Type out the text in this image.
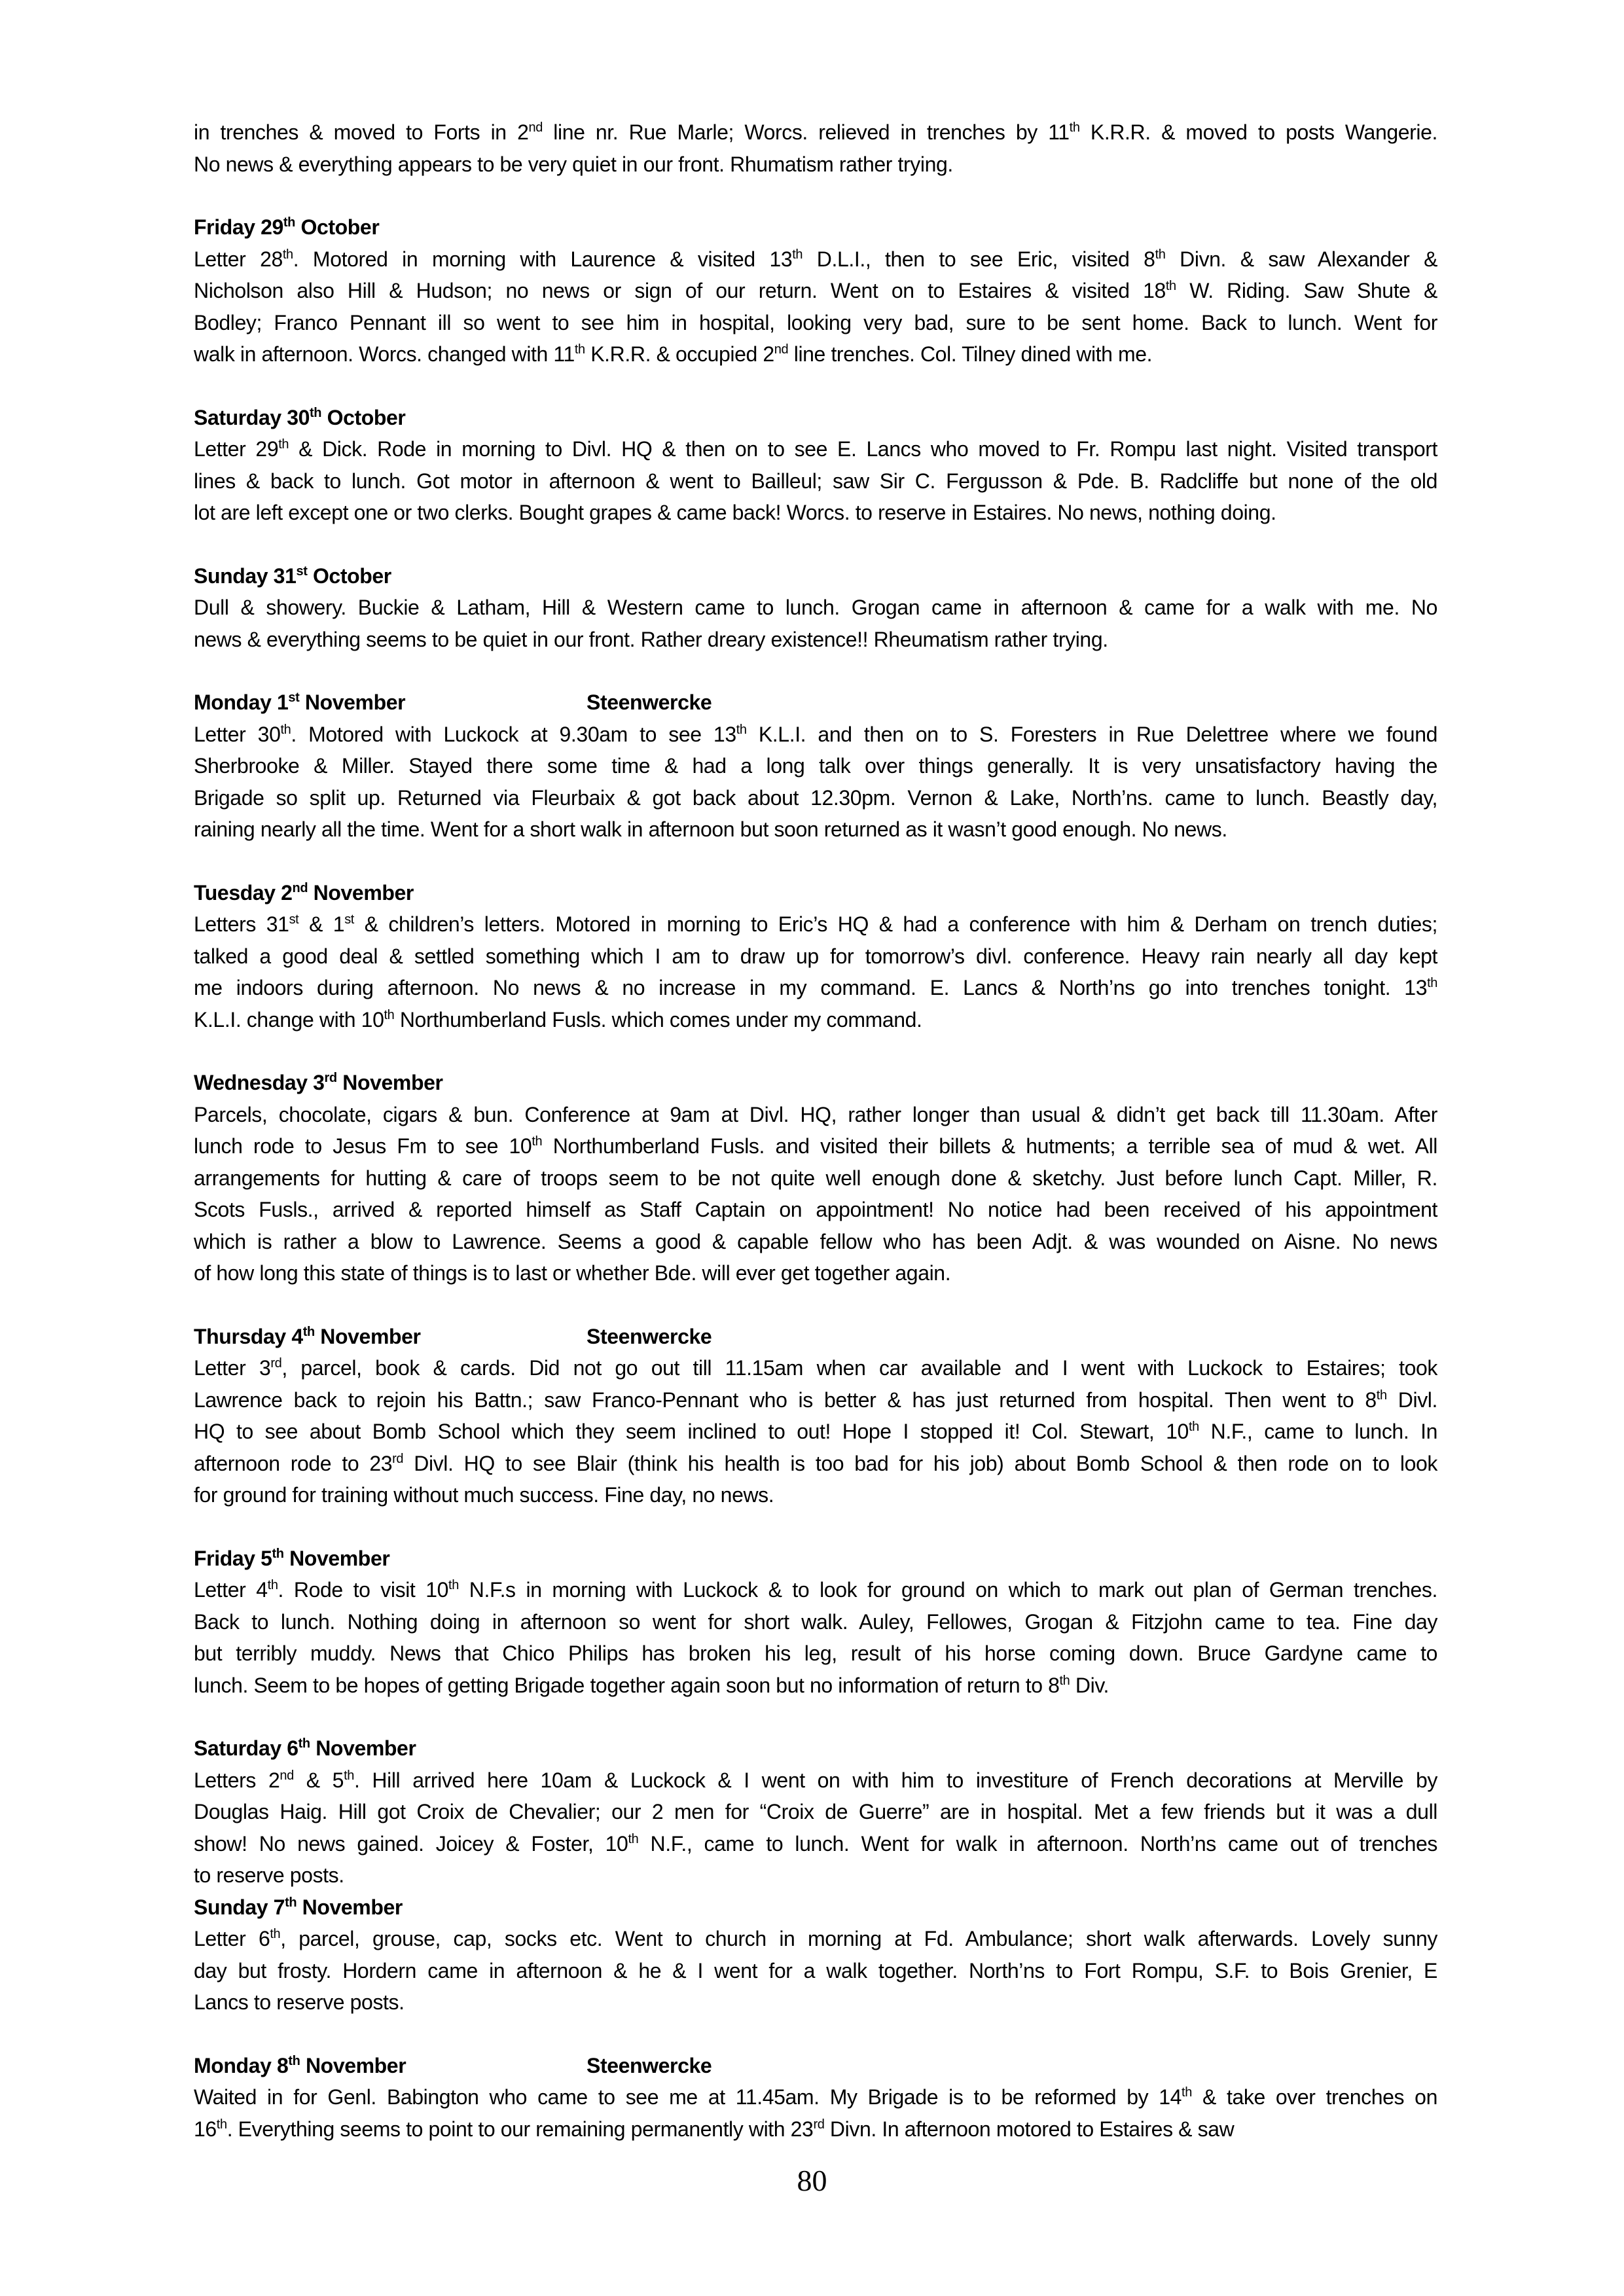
in trenches & moved to Forts in 2nd line nr. Rue Marle; Worcs. relieved in trenches by 11th K.R.R. & moved to posts Wangerie.

No news & everything appears to be very quiet in our front. Rhumatism rather trying.

Friday 29th October

Letter 28th. Motored in morning with Laurence & visited 13th D.L.I., then to see Eric, visited 8th Divn. & saw Alexander &

Nicholson also Hill & Hudson; no news or sign of our return. Went on to Estaires & visited 18th W. Riding. Saw Shute &

Bodley; Franco Pennant ill so went to see him in hospital, looking very bad, sure to be sent home. Back to lunch. Went for

walk in afternoon. Worcs. changed with 11th K.R.R. & occupied 2nd line trenches. Col. Tilney dined with me.

Saturday 30th October

Letter 29th & Dick. Rode in morning to Divl. HQ & then on to see E. Lancs who moved to Fr. Rompu last night. Visited transport

lines & back to lunch. Got motor in afternoon & went to Bailleul; saw Sir C. Fergusson & Pde. B. Radcliffe but none of the old

lot are left except one or two clerks. Bought grapes & came back! Worcs. to reserve in Estaires. No news, nothing doing.

Sunday 31st October

Dull & showery. Buckie & Latham, Hill & Western came to lunch. Grogan came in afternoon & came for a walk with me. No

news & everything seems to be quiet in our front. Rather dreary existence!! Rheumatism rather trying.

Monday 1st November	Steenwercke

Letter 30th. Motored with Luckock at 9.30am to see 13th K.L.I. and then on to S. Foresters in Rue Delettree where we found

Sherbrooke & Miller. Stayed there some time & had a long talk over things generally. It is very unsatisfactory having the

Brigade so split up. Returned via Fleurbaix & got back about 12.30pm. Vernon & Lake, North’ns. came to lunch. Beastly day,

raining nearly all the time. Went for a short walk in afternoon but soon returned as it wasn’t good enough. No news.

Tuesday 2nd November

Letters 31st & 1st & children’s letters. Motored in morning to Eric’s HQ & had a conference with him & Derham on trench duties;

talked a good deal & settled something which I am to draw up for tomorrow’s divl. conference. Heavy rain nearly all day kept

me indoors during afternoon. No news & no increase in my command. E. Lancs & North’ns go into trenches tonight. 13th

K.L.I. change with 10th Northumberland Fusls. which comes under my command.

Wednesday 3rd November

Parcels, chocolate, cigars & bun. Conference at 9am at Divl. HQ, rather longer than usual & didn’t get back till 11.30am. After

lunch rode to Jesus Fm to see 10th Northumberland Fusls. and visited their billets & hutments; a terrible sea of mud & wet. All

arrangements for hutting & care of troops seem to be not quite well enough done & sketchy. Just before lunch Capt. Miller, R.

Scots Fusls., arrived & reported himself as Staff Captain on appointment! No notice had been received of his appointment

which is rather a blow to Lawrence. Seems a good & capable fellow who has been Adjt. & was wounded on Aisne. No news

of how long this state of things is to last or whether Bde. will ever get together again.

Thursday 4th November	Steenwercke

Letter 3rd, parcel, book & cards. Did not go out till 11.15am when car available and I went with Luckock to Estaires; took

Lawrence back to rejoin his Battn.; saw Franco-Pennant who is better & has just returned from hospital. Then went to 8th Divl.

HQ to see about Bomb School which they seem inclined to out! Hope I stopped it! Col. Stewart, 10th N.F., came to lunch. In

afternoon rode to 23rd Divl. HQ to see Blair (think his health is too bad for his job) about Bomb School & then rode on to look

for ground for training without much success. Fine day, no news.

Friday 5th November

Letter 4th. Rode to visit 10th N.F.s in morning with Luckock & to look for ground on which to mark out plan of German trenches.

Back to lunch. Nothing doing in afternoon so went for short walk. Auley, Fellowes, Grogan & Fitzjohn came to tea. Fine day

but terribly muddy. News that Chico Philips has broken his leg, result of his horse coming down. Bruce Gardyne came to

lunch. Seem to be hopes of getting Brigade together again soon but no information of return to 8th Div.

Saturday 6th November

Letters 2nd & 5th. Hill arrived here 10am & Luckock & I went on with him to investiture of French decorations at Merville by

Douglas Haig. Hill got Croix de Chevalier; our 2 men for “Croix de Guerre” are in hospital. Met a few friends but it was a dull

show! No news gained. Joicey & Foster, 10th N.F., came to lunch. Went for walk in afternoon. North’ns came out of trenches

to reserve posts.

Sunday 7th November

Letter 6th, parcel, grouse, cap, socks etc. Went to church in morning at Fd. Ambulance; short walk afterwards. Lovely sunny

day but frosty. Hordern came in afternoon & he & I went for a walk together. North’ns to Fort Rompu, S.F. to Bois Grenier, E

Lancs to reserve posts.

Monday 8th November	Steenwercke

Waited in for Genl. Babington who came to see me at 11.45am. My Brigade is to be reformed by 14th & take over trenches on

16th. Everything seems to point to our remaining permanently with 23rd Divn. In afternoon motored to Estaires & saw

80
